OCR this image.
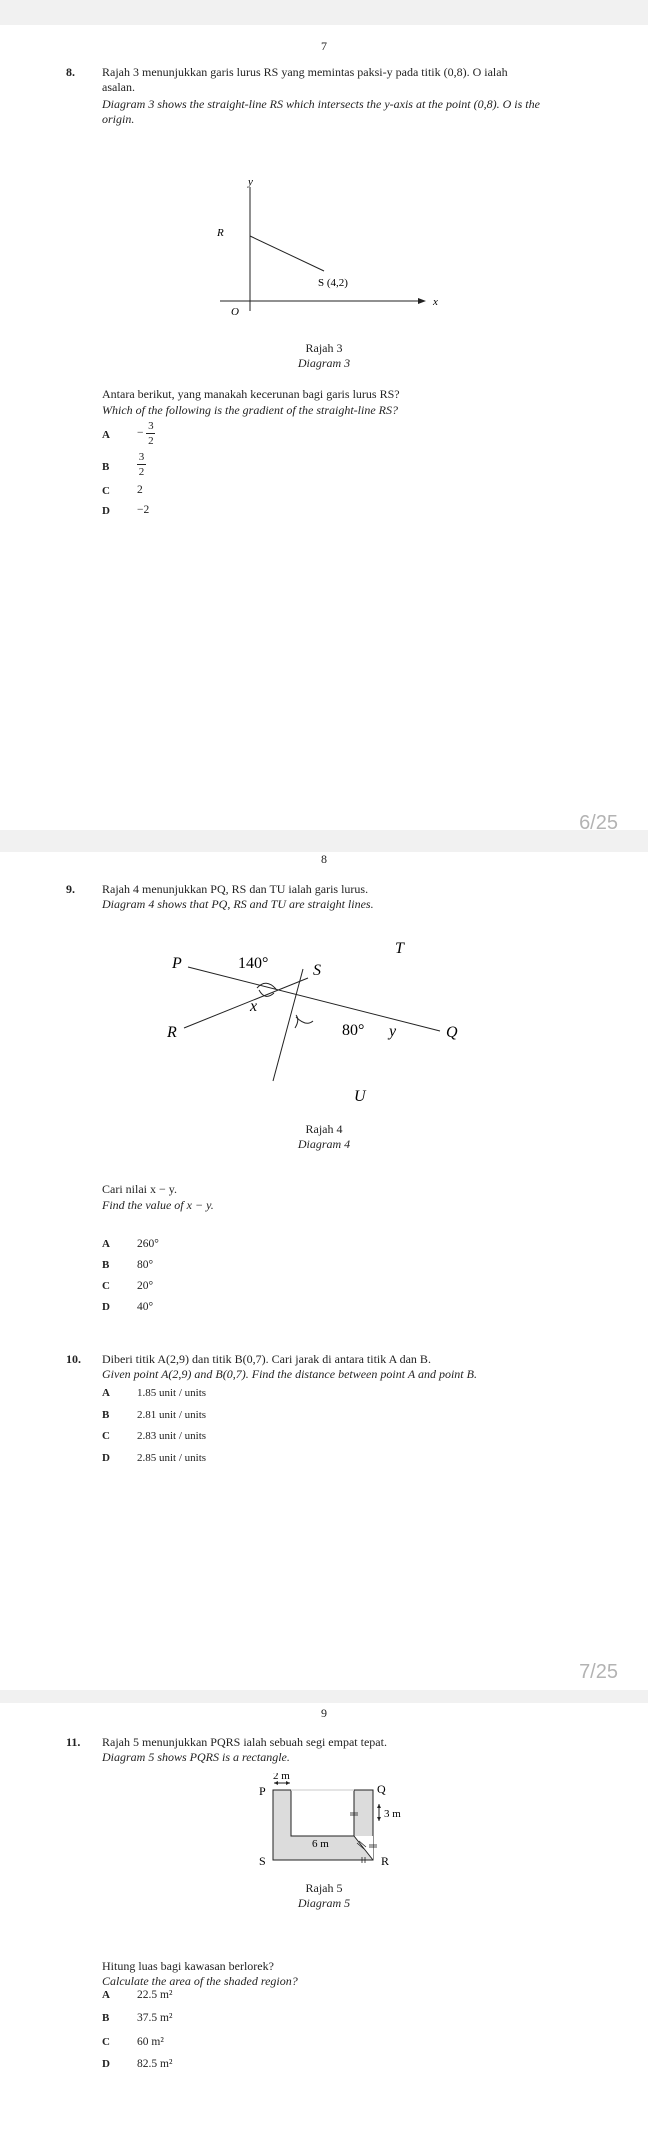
7
8. Rajah 3 menunjukkan garis lurus RS yang memintas paksi-y pada titik (0,8). O ialah asalan.
Diagram 3 shows the straight-line RS which intersects the y-axis at the point (0,8). O is the origin.
y
x
R
S (4,2)
O
Rajah 3
Diagram 3
Antara berikut, yang manakah kecerunan bagi garis lurus RS?
Which of the following is the gradient of the straight-line RS?
$A - \frac{3}{2}$
B	$\frac{3}{2}$
C 2
D −2
6/25
8
9. Rajah 4 menunjukkan PQ, RS dan TU ialah garis lurus.
Diagram 4 shows that PQ, RS and TU are straight lines.
P
R
S
T
Q
U
140°
x
80° y
Rajah 4
Diagram 4
Cari nilai x − y.
Find the value of x − y.
A 260°
B 80°
C 20°
D 40°
10. Diberi titik A(2,9) dan titik B(0,7). Cari jarak di antara titik A dan B.
Given point A(2,9) and B(0,7). Find the distance between point A and point B.
A 1.85 unit / units
B	2.81 unit / units
C 2.83 unit / units
D 2.85 unit / units
7/25
9
11. Rajah 5 menunjukkan PQRS ialah sebuah segi empat tepat.
Diagram 5 shows PQRS is a rectangle.
P	Q
S	R
2 m
3 m
6 m
Rajah 5
Diagram 5
Hitung luas bagi kawasan berlorek?
Calculate the area of the shaded region?
A 22.5 m²
B 37.5 m²
C 60 m²
D 82.5 m²
